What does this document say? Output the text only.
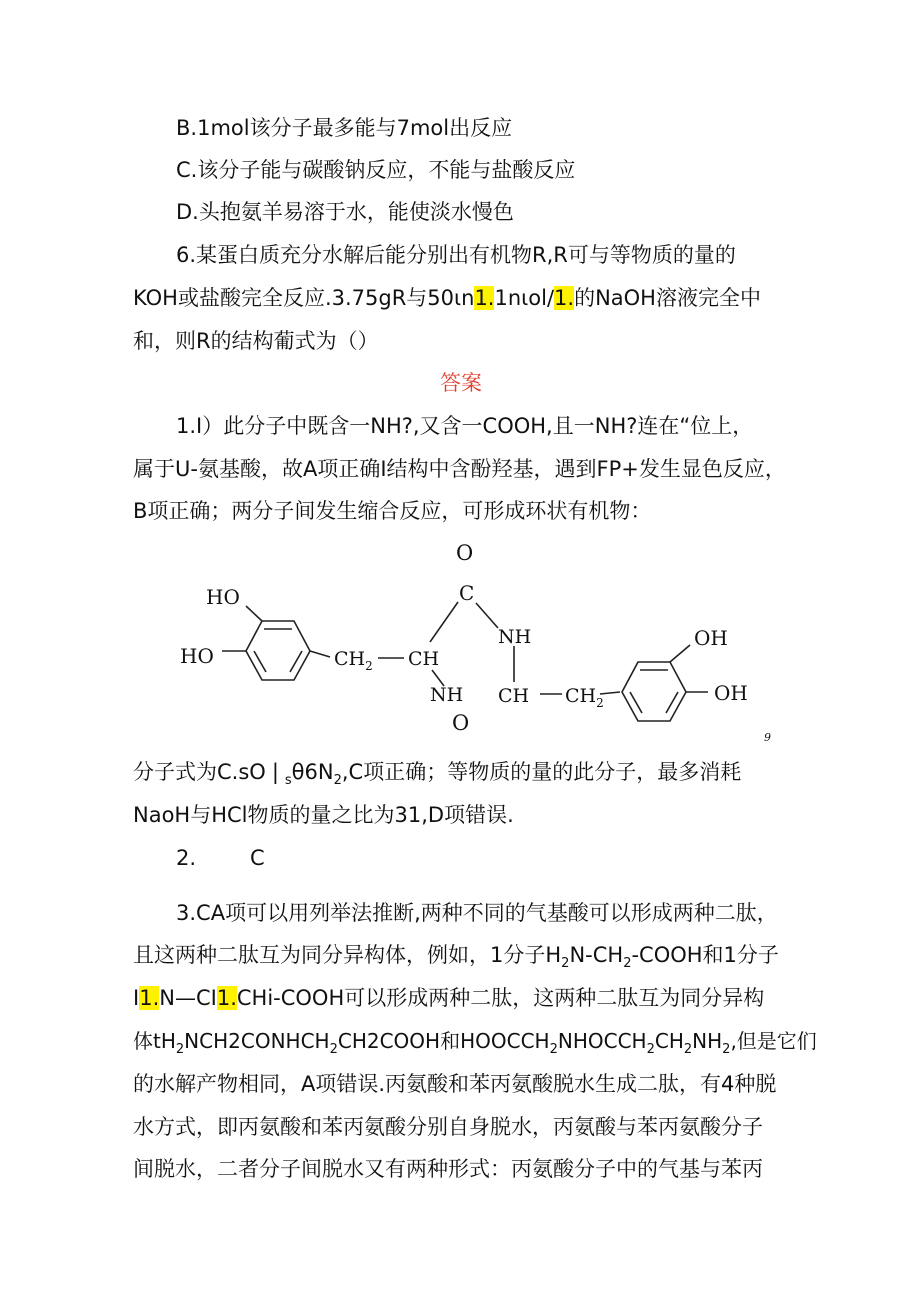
B.1mol该分子最多能与7mol出反应
C.该分子能与碳酸钠反应，不能与盐酸反应
D.头抱氨羊易溶于水，能使淡水慢色
6.某蛋白质充分水解后能分别出有机物R,R可与等物质的量的
KOH或盐酸完全反应.3.75gR与50ιn1.1nιol∕1.的NaOH溶液完全中
和，则R的结构葡式为（）
答案
1.I）此分子中既含一NH?,又含一COOH,且一NH?连在“位上，
属于U-氨基酸，故A项正确I结构中含酚羟基，遇到FP+发生显色反应，
B项正确；两分子间发生缩合反应，可形成环状有机物：
O
C
NH
HO
HO	$CH_2$ CH
NH
O
CH $CH_2$
OH
OH
9
分子式为C.sO | $_s\theta 6N_2,C$项正确；等物质的量的此分子，最多消耗
NaoH与HCl物质的量之比为31,D项错误.
2.	C
3.CA项可以用列举法推断,两种不同的气基酸可以形成两种二肽，
且这两种二肽互为同分异构体，例如，1分子$H_2N-CH_2$-COOH和1分子
I1.N—CI1.CHi-COOH可以形成两种二肽，这两种二肽互为同分异构
体$tH_2NCH2CONHCH_2CH2COOH$和$HOOCCH_2NHOCCH_2CH_2NH_2$,但是它们
的水解产物相同，A项错误.丙氨酸和苯丙氨酸脱水生成二肽，有4种脱
水方式，即丙氨酸和苯丙氨酸分别自身脱水，丙氨酸与苯丙氨酸分子
间脱水，二者分子间脱水又有两种形式：丙氨酸分子中的气基与苯丙
